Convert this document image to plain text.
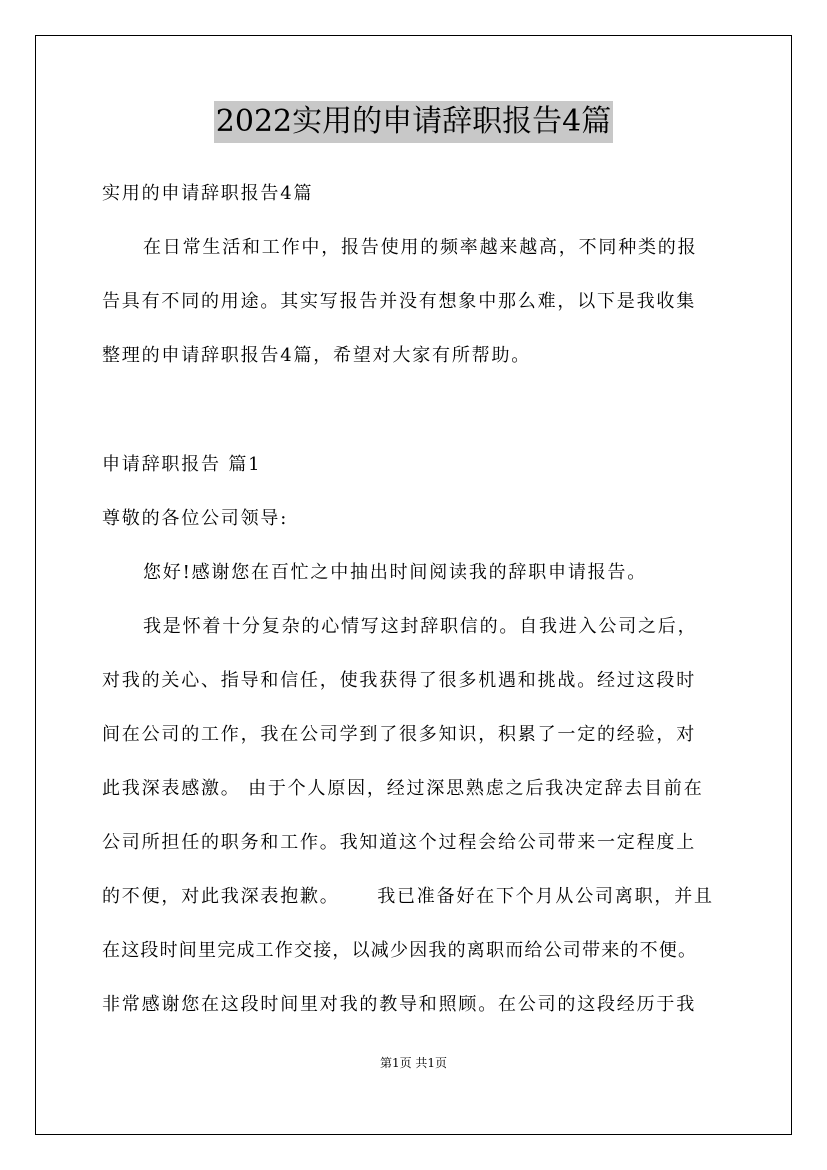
2022实用的申请辞职报告4篇
实用的申请辞职报告4篇
在日常生活和工作中，报告使用的频率越来越高，不同种类的报
告具有不同的用途。其实写报告并没有想象中那么难，以下是我收集
整理的申请辞职报告4篇，希望对大家有所帮助。
申请辞职报告 篇1
尊敬的各位公司领导:
您好!感谢您在百忙之中抽出时间阅读我的辞职申请报告。
我是怀着十分复杂的心情写这封辞职信的。自我进入公司之后，
对我的关心、指导和信任，使我获得了很多机遇和挑战。经过这段时
间在公司的工作，我在公司学到了很多知识，积累了一定的经验，对
此我深表感激。 由于个人原因，经过深思熟虑之后我决定辞去目前在
公司所担任的职务和工作。我知道这个过程会给公司带来一定程度上
的不便，对此我深表抱歉。     我已准备好在下个月从公司离职，并且
在这段时间里完成工作交接，以减少因我的离职而给公司带来的不便。
非常感谢您在这段时间里对我的教导和照顾。在公司的这段经历于我
第1页 共1页
